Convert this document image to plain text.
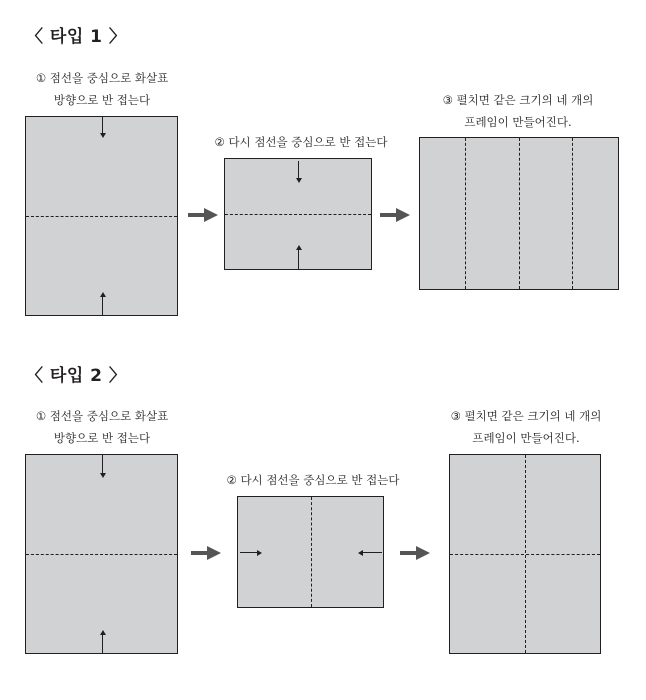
〈 타입 1 〉
① 점선을 중심으로 화살표
방향으로 반 접는다
② 다시 점선을 중심으로 반 접는다
③ 펼치면 같은 크기의 네 개의
프레임이 만들어진다.
〈 타입 2 〉
① 점선을 중심으로 화살표
방향으로 반 접는다
② 다시 점선을 중심으로 반 접는다
③ 펼치면 같은 크기의 네 개의
프레임이 만들어진다.
